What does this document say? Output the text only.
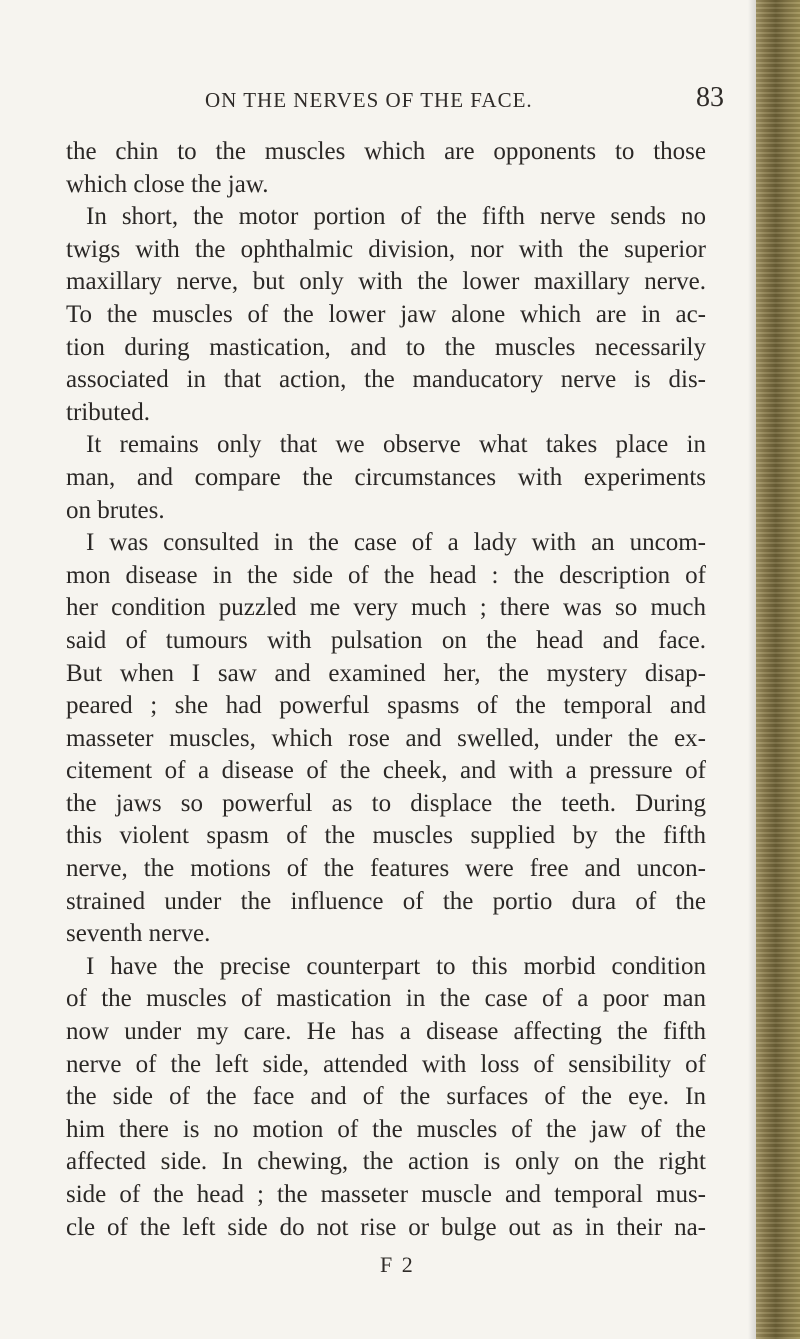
ON THE NERVES OF THE FACE.	83
the chin to the muscles which are opponents to those
which close the jaw.
In short, the motor portion of the fifth nerve sends no
twigs with the ophthalmic division, nor with the superior
maxillary nerve, but only with the lower maxillary nerve.
To the muscles of the lower jaw alone which are in ac-
tion during mastication, and to the muscles necessarily
associated in that action, the manducatory nerve is dis-
tributed.
It remains only that we observe what takes place in
man, and compare the circumstances with experiments
on brutes.
I was consulted in the case of a lady with an uncom-
mon disease in the side of the head : the description of
her condition puzzled me very much ; there was so much
said of tumours with pulsation on the head and face.
But when I saw and examined her, the mystery disap-
peared ; she had powerful spasms of the temporal and
masseter muscles, which rose and swelled, under the ex-
citement of a disease of the cheek, and with a pressure of
the jaws so powerful as to displace the teeth. During
this violent spasm of the muscles supplied by the fifth
nerve, the motions of the features were free and uncon-
strained under the influence of the portio dura of the
seventh nerve.
I have the precise counterpart to this morbid condition
of the muscles of mastication in the case of a poor man
now under my care. He has a disease affecting the fifth
nerve of the left side, attended with loss of sensibility of
the side of the face and of the surfaces of the eye. In
him there is no motion of the muscles of the jaw of the
affected side. In chewing, the action is only on the right
side of the head ; the masseter muscle and temporal mus-
cle of the left side do not rise or bulge out as in their na-
F 2
